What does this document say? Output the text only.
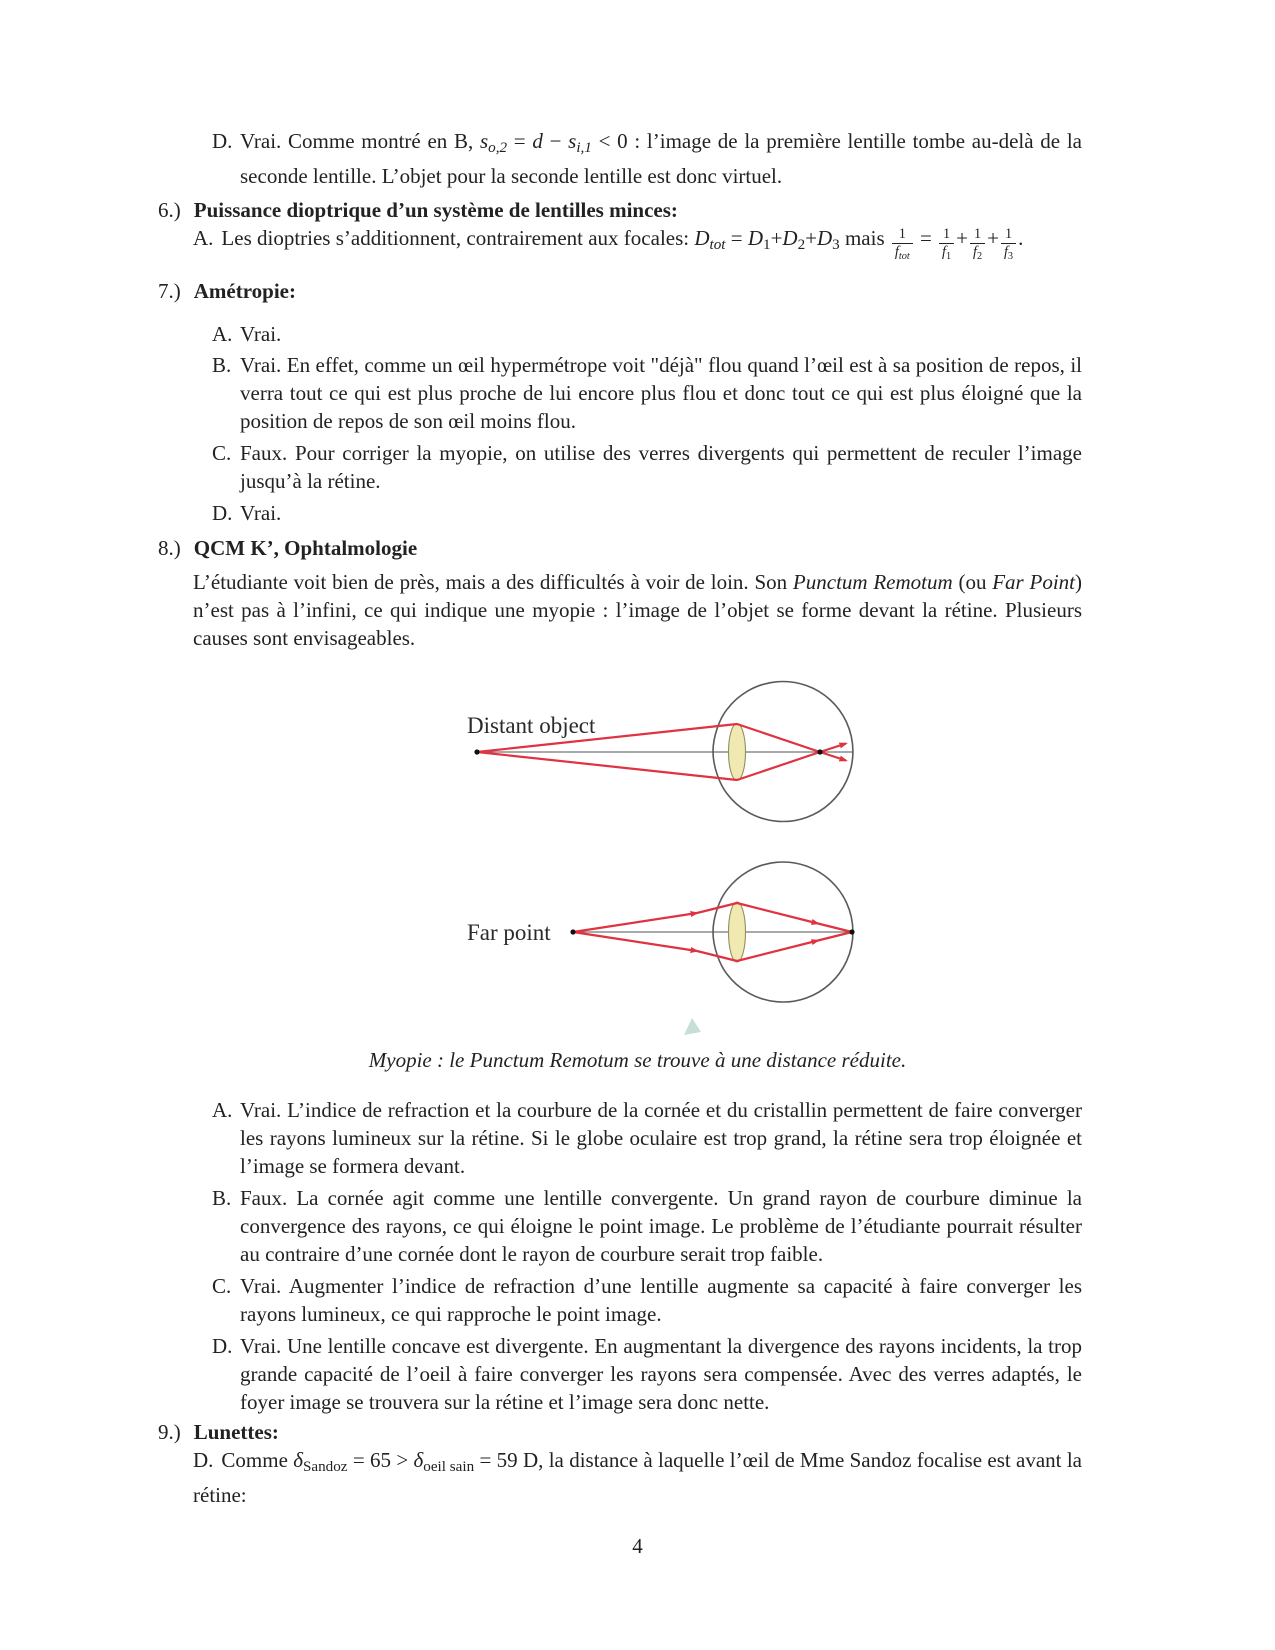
D. Vrai. Comme montré en B, $s_{o,2} = d - s_{i,1} < 0$ : l’image de la première lentille tombe au-delà de la seconde lentille. L’objet pour la seconde lentille est donc virtuel.
6.) Puissance dioptrique d’un système de lentilles minces:
A. Les dioptries s’additionnent, contrairement aux focales: $D_{tot} = D_1+D_2+D_3$ mais $\frac{1}{f_{tot}} = \frac{1}{f_1} + \frac{1}{f_2} + \frac{1}{f_3}$ .
7.) Amétropie:
A. Vrai.
B. Vrai. En effet, comme un œil hypermétrope voit "déjà" flou quand l’œil est à sa position de repos, il verra tout ce qui est plus proche de lui encore plus flou et donc tout ce qui est plus éloigné que la position de repos de son œil moins flou.
C. Faux. Pour corriger la myopie, on utilise des verres divergents qui permettent de reculer l’image jusqu’à la rétine.
D. Vrai.
8.) QCM K’, Ophtalmologie
L’étudiante voit bien de près, mais a des difficultés à voir de loin. Son Punctum Remotum (ou Far Point) n’est pas à l’infini, ce qui indique une myopie : l’image de l’objet se forme devant la rétine. Plusieurs causes sont envisageables.
Distant object
Far point
Myopie : le Punctum Remotum se trouve à une distance réduite.
A. Vrai. L’indice de refraction et la courbure de la cornée et du cristallin permettent de faire converger les rayons lumineux sur la rétine. Si le globe oculaire est trop grand, la rétine sera trop éloignée et l’image se formera devant.
B. Faux. La cornée agit comme une lentille convergente. Un grand rayon de courbure diminue la convergence des rayons, ce qui éloigne le point image. Le problème de l’étudiante pourrait résulter au contraire d’une cornée dont le rayon de courbure serait trop faible.
C. Vrai. Augmenter l’indice de refraction d’une lentille augmente sa capacité à faire converger les rayons lumineux, ce qui rapproche le point image.
D. Vrai. Une lentille concave est divergente. En augmentant la divergence des rayons incidents, la trop grande capacité de l’oeil à faire converger les rayons sera compensée. Avec des verres adaptés, le foyer image se trouvera sur la rétine et l’image sera donc nette.
9.) Lunettes:
D. Comme $\delta_{Sandoz} = 65 > \delta_{oeil sain} = 59$ D, la distance à laquelle l’œil de Mme Sandoz focalise est avant la rétine:
4
